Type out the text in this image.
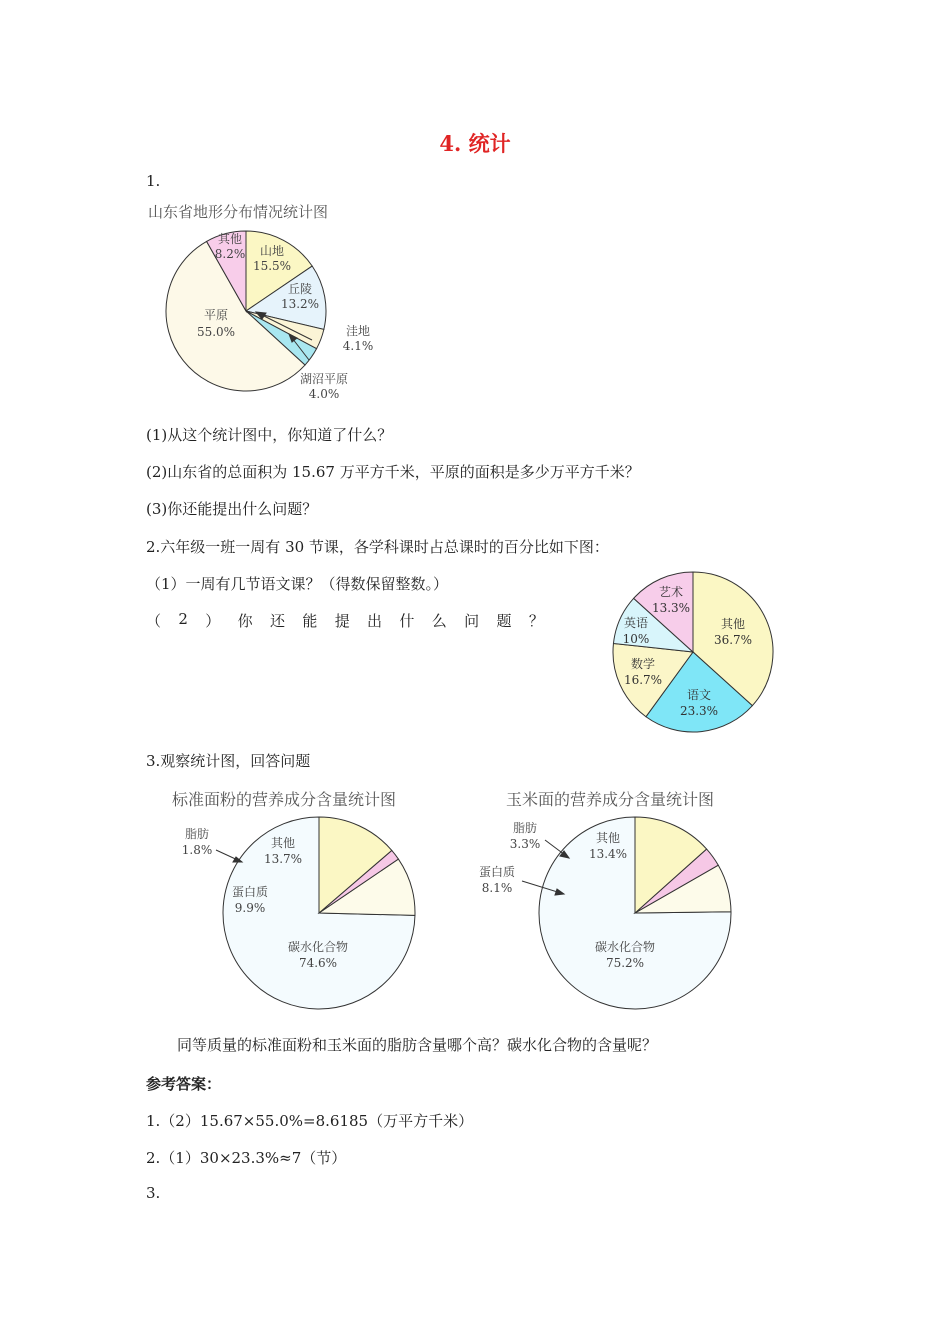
4. 统计
1.
山东省地形分布情况统计图
山地
15.5%
丘陵
13.2%
洼地
4.1%
湖沼平原
4.0%
平原
55.0%
其他
8.2%
(1)从这个统计图中，你知道了什么？
(2)山东省的总面积为 15.67 万平方千米，平原的面积是多少万平方千米？
(3)你还能提出什么问题？
2.六年级一班一周有 30 节课，各学科课时占总课时的百分比如下图：
（1）一周有几节语文课？（得数保留整数。）
（ 2 ） 你 还 能 提 出 什 么 问 题 ？	其他
36.7%
语文
23.3%
数学
16.7%
英语
10%
艺术
13.3%
3.观察统计图，回答问题
标准面粉的营养成分含量统计图
碳水化合物
74.6%
蛋白质
9.9%
脂肪
1.8%	其他
13.7%
玉米面的营养成分含量统计图
碳水化合物
75.2%
蛋白质
8.1%
脂肪
3.3%	其他
13.4%
同等质量的标准面粉和玉米面的脂肪含量哪个高？碳水化合物的含量呢？
参考答案：
1.（2）15.67×55.0%=8.6185（万平方千米）
2.（1）30×23.3%≈7（节）
3.
